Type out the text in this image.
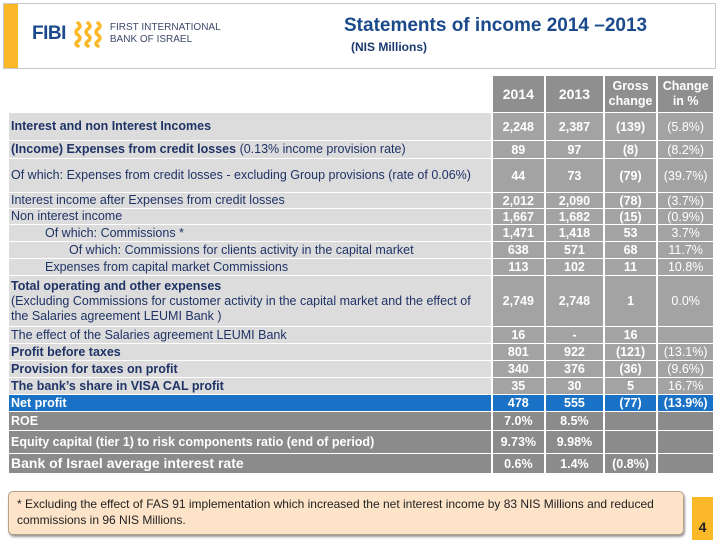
FIBI	FIRST INTERNATIONAL
BANK OF ISRAEL
Statements of income 2014 –2013
(NIS Millions)
	2014	2013	Gross change	Change in %
Interest and non Interest Incomes	2,248	2,387	(139)	(5.8%)
(Income) Expenses from credit losses (0.13% income provision rate)	89	97	(8)	(8.2%)
Of which: Expenses from credit losses - excluding Group provisions (rate of 0.06%)	44	73	(79)	(39.7%)
Interest income after Expenses from credit losses	2,012	2,090	(78)	(3.7%)
Non interest income	1,667	1,682	(15)	(0.9%)
Of which: Commissions *	1,471	1,418	53	3.7%
Of which: Commissions for clients activity in the capital market	638	571	68	11.7%
Expenses from capital market Commissions	113	102	11	10.8%
Total operating and other expenses
(Excluding Commissions for customer activity in the capital market and the effect of the Salaries agreement LEUMI Bank )	2,749	2,748	1	0.0%
The effect of the Salaries agreement LEUMI Bank	16	-	16	
Profit before taxes	801	922	(121)	(13.1%)
Provision for taxes on profit	340	376	(36)	(9.6%)
The bank’s share in VISA CAL profit	35	30	5	16.7%
Net profit	478	555	(77)	(13.9%)
ROE	7.0%	8.5%		
Equity capital (tier 1) to risk components ratio (end of period)	9.73%	9.98%		
Bank of Israel average interest rate	0.6%	1.4%	(0.8%)	
* Excluding the effect of FAS 91 implementation which increased the net interest income by 83 NIS Millions and reduced commissions in 96 NIS Millions.	4
